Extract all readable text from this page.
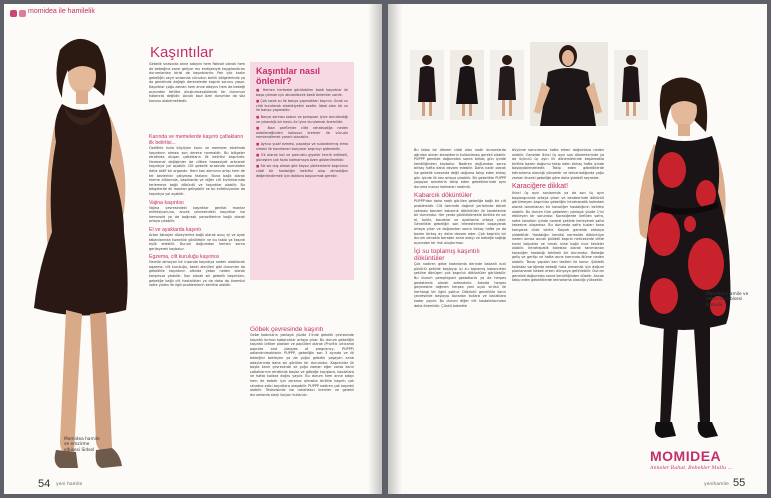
momidea ile hamilelik
Momidea hamile ve emzirme elbisesi Sidsel
Kaşıntılar

Gebelik sırasında anne adayını hem fiziksel olarak hem de bebeğine zarar geliyor mu endişesiyle kaygılandıran durumlardan birisi de kaşıntılardır. Pek çok kadın gebeliğin seyri sırasında vücudun belirli bölgelerinde ya da genelinde değişik derecelerde kaşıntı sorunu yaşar. Kaşıntılar çoğu zaman hem anne adayını hem de bebeği açısından tehlike oluşturmayabilecek bir durumun habercisi değildir. Ancak bazı özel durumlar da söz konusu olabilmektedir.

Karında ve memelerde kaşıntı çatlakların ilk belirtisi...

Özellikle hızla büyüyen karın ve memeler etrafında kaşıntının olması son derece normaldir. Bu bölgeler etrafında oluşan çatlakların ilk belirtisi kaşıntıdır. Hormonal değişimler de cilttee hassasiyet artırarak kaşıntıya yol açabilir. Cilt gebelik sırasında normalden daha aktif bir organdır. Hem kan akımının artışı hem de ter bezlerinin çalışması fazlanır. Buna bağlı olarak meme altlarında, kasıklarda ve diğer cilt kıvrımlarında terlemeye bağlı döküntü ve kaşıntılar olabilir. Bu bölgelerde dil mantarı gelişebilir ve bu enfeksiyonlar da kaşıntıya yol açabilir.

Vajina kaşıntısı

Vajina çevresindeki kaşıntılar genital mantar enfeksiyonuna, ancak çevresindeki kaşıntılar ise hemoroid ya da bağırsak parazitlerine bağlı olarak ortaya çıkabilir.

El ve ayaklarda kaşıntı

Artan östrojen düzeylerine bağlı olarak avuç içi ve ayak tabanlarında kızarıklık görülebilir ve bu tablo ya kaşıntı eşlik edebilir. Durum doğumdan hemen sonra gerileyerek kaybolur.

Egzema, cilt kuruluğu kaşıntısı

Hamile olmayan bir insanda kaşıntıya neden olabilecek egzema, cilt kuruluğu, besin alerjileri gibi durumlar da gebelikte kaşıntının altında yatan neden olarak karşımıza çıkabilir. Son olarak sık gebelik kaşıntıları, gebeliğe bağlı cilt hastalıkları ya da daha da önemlisi safra yolları ile ilgili problemlerin belirtisi olabilir.

Kaşıntılar nasıl önlenir?

■ Hemen herkeste görülebilen basit kaşıntılar ile başa çıkmak için alınabilecek basit önlemler vardır.

■ Çok sıcak su ile banyo yapmaktan kaçının. Sıcak su cildi kurutarak elastikiyetini azaltır. İdeal olan ılık su ile banyo yapmaktır.

■ Banyo sonrası sabun ve şampuan iyice durulandığı ve yıkandığı bir havlu ile iyice kurulamak önemlidir.

■ Bazı parfümler cilte rahatsızlığa neden olabileceğinden kokusuz kremler ile vücudu nemlendirmek yararlı olacaktır.

■ Ayrıca yulaf ezmesi, papatya ve sulandırılmış elma sirkesi ile hazırlanan banyolar kaşıntıyı giderebilir.

■ Ek olarak bol ve pamuklu giysiler tercih edilmeli, güneşten çok fazla kalmamaya özen gösterilmelidir.

■ Sık sık duş almak gibi ilaçsız yöntemlerle kaşıntının ciddi bir hastalığın belirtisi olup olmadığını değerlendirmek için doktora başvurmak gerekir.

Göbek çevresinde kaşıntı

Gebe kadınların yaklaşık yüzde 1'inde gebelik çevresinde kaşıntılı kırmızı kabarcıklar ortaya çıkar. Bu durum gebeliğin kaşıntılı ürtiker plakları ve papülleri olarak (Pruritic urticarial papules and plaques of pregnancy- PUPPP) adlandırılmaktadır. PUPPP, gebeliğin son 3 ayında ve ilk bebeğini bekleyen ya da çoğul gebelik yaşayan anne adaylarında daha sık görülen bir durumdur. Kaşıntılılar ilk başta karın çevresinde ve çoğu zaman eğer varsa karın çatlaklarının etrafında başlar ve göbeğe kaçışlara, bacaklara ve hatta kollara doğru yayılır. Bu durum hem anne adayı hem de bebek için zararsız olmakla birlikte kaşıntı çok rahatsız edici boyutlara ulaşabilir. PUPPP nadiren çok kaşıntılı olabilir. Tedavisinde ise rahatlatıcı kremler ve gerekli durumlarda alerji ilaçları kullanılır.

54 yeni hamile

Bu tablo bir dönem ciddi olan nadir durumlarda ağrıdan alınan steroidlerin kullanılması gerekli olabilir. PUPPP genelde doğumdan sonra birkaç gün içinde kendiliğinden kaybolur. Nadiren doğumdan sonra birkaç hafta daha devam edebilir. Daha nadir olarak ise gebelik sırasında değil doğuma takip eden birkaç gün içinde ilk kez ortaya çıkabilir. Bir gebelikte PUPPP yaşayan annelerin takip eden gebeliklerinde aynı duruma maruz kalmaları nadirdir.

Kabarcık döküntüler

PUPPP'dan daha nadir görülen gebeliğe bağlı bir cilt problemidir. Cilt üzerinde dağınık yerlerinde böcek sokması benzeri kabarcık döküntüler ile karakterize bir durumdur. Her yerde görülebilmekle birlikte en sık el, kollar, bacaklar ve ayaklarda ortaya çıkar. Genellikle gebeliğin son trimesterinde başlayarak ortaya çıkar ve doğumdan sonra birkaç hafta ya da bazen birkaç ay daha devam eder. Çok kaşıntılı bir durum olmakla beraber anne adayı ve bebeğe sağlığı açısından bir risk oluşturmaz.

İçi su toplamış kaşıntılı döküntüler

Çok nadiren gebe kadınlarda derinde kabarık kızıl püsürlü şekilde başlayıp içi su toplamış kabarcıklar şekline dönüşen çok kaşıntılı döküntüler görülebilir. Bu durum pemphigoid gestationis ya da herpes gestationis olarak adlandırılır. Adında herpes geçmesine rağmen herpes yani uçuk virüsü ile herhangi bir ilgisi yoktur. Döküntü genellikle karın çevresinde başlayıp buradan kollara ve bacaklara kadar yayılır. Bu durum diğer cilt hastalıklarından daha önemlidir. Çünkü bebekte

büyüme sorunlarına hatta erken doğumlara neden olabilir. Genelde ikinci üç ayın son dönemlerinde ya da üçüncü üç ayın ilk dönemlerinde başlamakla birlikte bazen doğumu takip eden birkaç hafta içinde başlayabilmektedir. Takip eden gebeliklerde tekrarlama olasılığı yüksektir ve tekrarladığında çoğu zaman önceki gebeliğe göre daha şiddetli seyreder.

Karaciğere dikkat!

İkinci üç ayın sonlarında ya da son üç ayın başlangıcında ortaya çıkan ve beraberinde döküntü görülmeyen kaşıntılar gebeliğin intrahepatik kolestazı olarak tanımlanan bir karaciğer hastalığının belirtisi olabilir. Bu durum tüm gebelerin yaklaşık yüzde 1'ini etkileyen bir sorundur. Karaciğerde üretilen safra, safra kanalları içinde normal şekilde ilerleyerek safra kesesine ulaşamaz. Bu durumda safra tuzları kana karışarak cilde birikir. Kaşıntı genelde oldukça şiddetlidir. Hastalığın kendisi normalde döküntüye neden olmaz ancak şiddetli kaşıntı neticesinde ciltte kısmi kabuklar ve tırnak izine bağlı ince kesikler olabilir. İntrahepatik kolestaz olarak tanımlanan karaciğer hastalığı tehlikeli bir durumdur. Bebeğe geliş ve gerilip ve hatta anne karnında ölüme neden olabilir. Tanısı yapılan kan testleri ile konur. Şiddetli kolestaz varlığında bebeği hızla almamak için doğum planlanarak bebek erken dünyaya getirilebilir. Durum genelde doğumdan sonra kendiliğinden düzelir. Ancak takip eden gebeliklerde tekrarlama olasılığı yüksektir.

Momidea hamile ve emzirme elbisesi Isabelle
MOMIDEA
Anneler Rahat, Bebekler Mutlu ...
yenihamile 55
